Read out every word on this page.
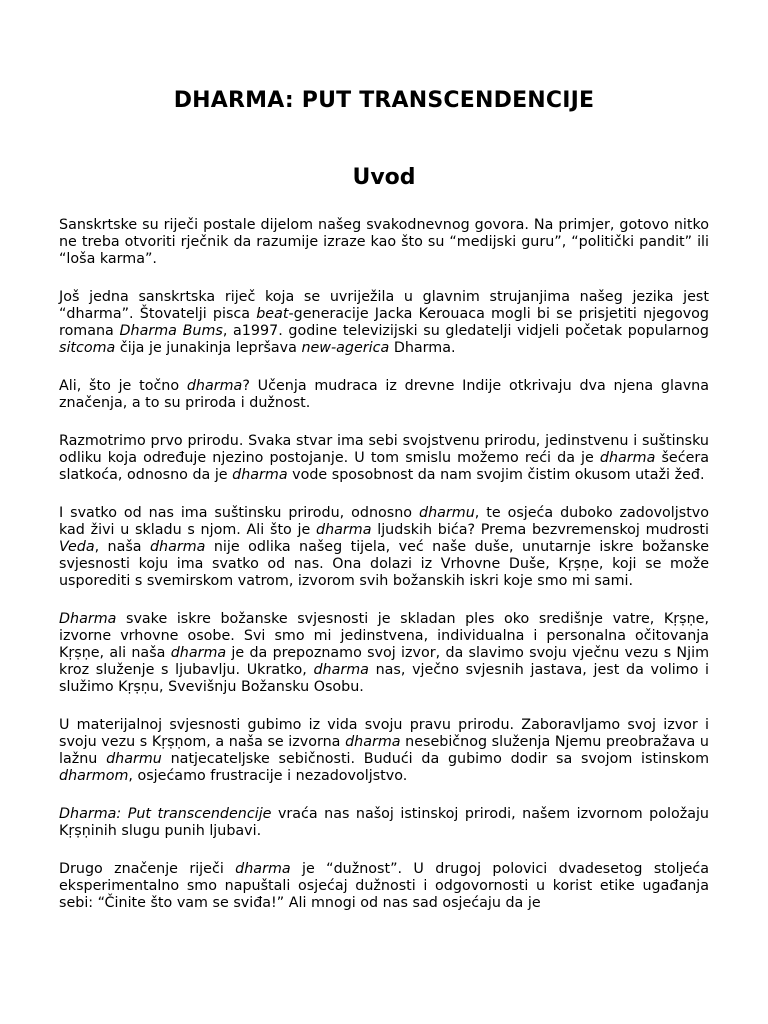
DHARMA: PUT TRANSCENDENCIJE
Uvod

Sanskrtske su riječi postale dijelom našeg svakodnevnog govora. Na primjer, gotovo nitko ne treba otvoriti rječnik da razumije izraze kao što su “medijski guru”, “politički pandit” ili “loša karma”.

Još jedna sanskrtska riječ koja se uvriježila u glavnim strujanjima našeg jezika jest “dharma”. Štovatelji pisca beat-generacije Jacka Kerouaca mogli bi se prisjetiti njegovog romana Dharma Bums, a1997. godine televizijski su gledatelji vidjeli početak popularnog sitcoma čija je junakinja lepršava new-agerica Dharma.

Ali, što je točno dharma? Učenja mudraca iz drevne Indije otkrivaju dva njena glavna značenja, a to su priroda i dužnost.

Razmotrimo prvo prirodu. Svaka stvar ima sebi svojstvenu prirodu, jedinstvenu i suštinsku odliku koja određuje njezino postojanje. U tom smislu možemo reći da je dharma šećera slatkoća, odnosno da je dharma vode sposobnost da nam svojim čistim okusom utaži žeđ.

I svatko od nas ima suštinsku prirodu, odnosno dharmu, te osjeća duboko zadovoljstvo kad živi u skladu s njom. Ali što je dharma ljudskih bića? Prema bezvremenskoj mudrosti Veda, naša dharma nije odlika našeg tijela, već naše duše, unutarnje iskre božanske svjesnosti koju ima svatko od nas. Ona dolazi iz Vrhovne Duše, Kṛṣṇe, koji se može usporediti s svemirskom vatrom, izvorom svih božanskih iskri koje smo mi sami.

Dharma svake iskre božanske svjesnosti je skladan ples oko središnje vatre, Kṛṣṇe, izvorne vrhovne osobe. Svi smo mi jedinstvena, individualna i personalna očitovanja Kṛṣṇe, ali naša dharma je da prepoznamo svoj izvor, da slavimo svoju vječnu vezu s Njim kroz služenje s ljubavlju. Ukratko, dharma nas, vječno svjesnih jastava, jest da volimo i služimo Kṛṣṇu, Svevišnju Božansku Osobu.

U materijalnoj svjesnosti gubimo iz vida svoju pravu prirodu. Zaboravljamo svoj izvor i svoju vezu s Kṛṣṇom, a naša se izvorna dharma nesebičnog služenja Njemu preobražava u lažnu dharmu natjecateljske sebičnosti. Budući da gubimo dodir sa svojom istinskom dharmom, osjećamo frustracije i nezadovoljstvo.

Dharma: Put transcendencije vraća nas našoj istinskoj prirodi, našem izvornom položaju Kṛṣṇinih slugu punih ljubavi.

Drugo značenje riječi dharma je “dužnost”. U drugoj polovici dvadesetog stoljeća eksperimentalno smo napuštali osjećaj dužnosti i odgovornosti u korist etike ugađanja sebi: “Činite što vam se sviđa!” Ali mnogi od nas sad osjećaju da je
